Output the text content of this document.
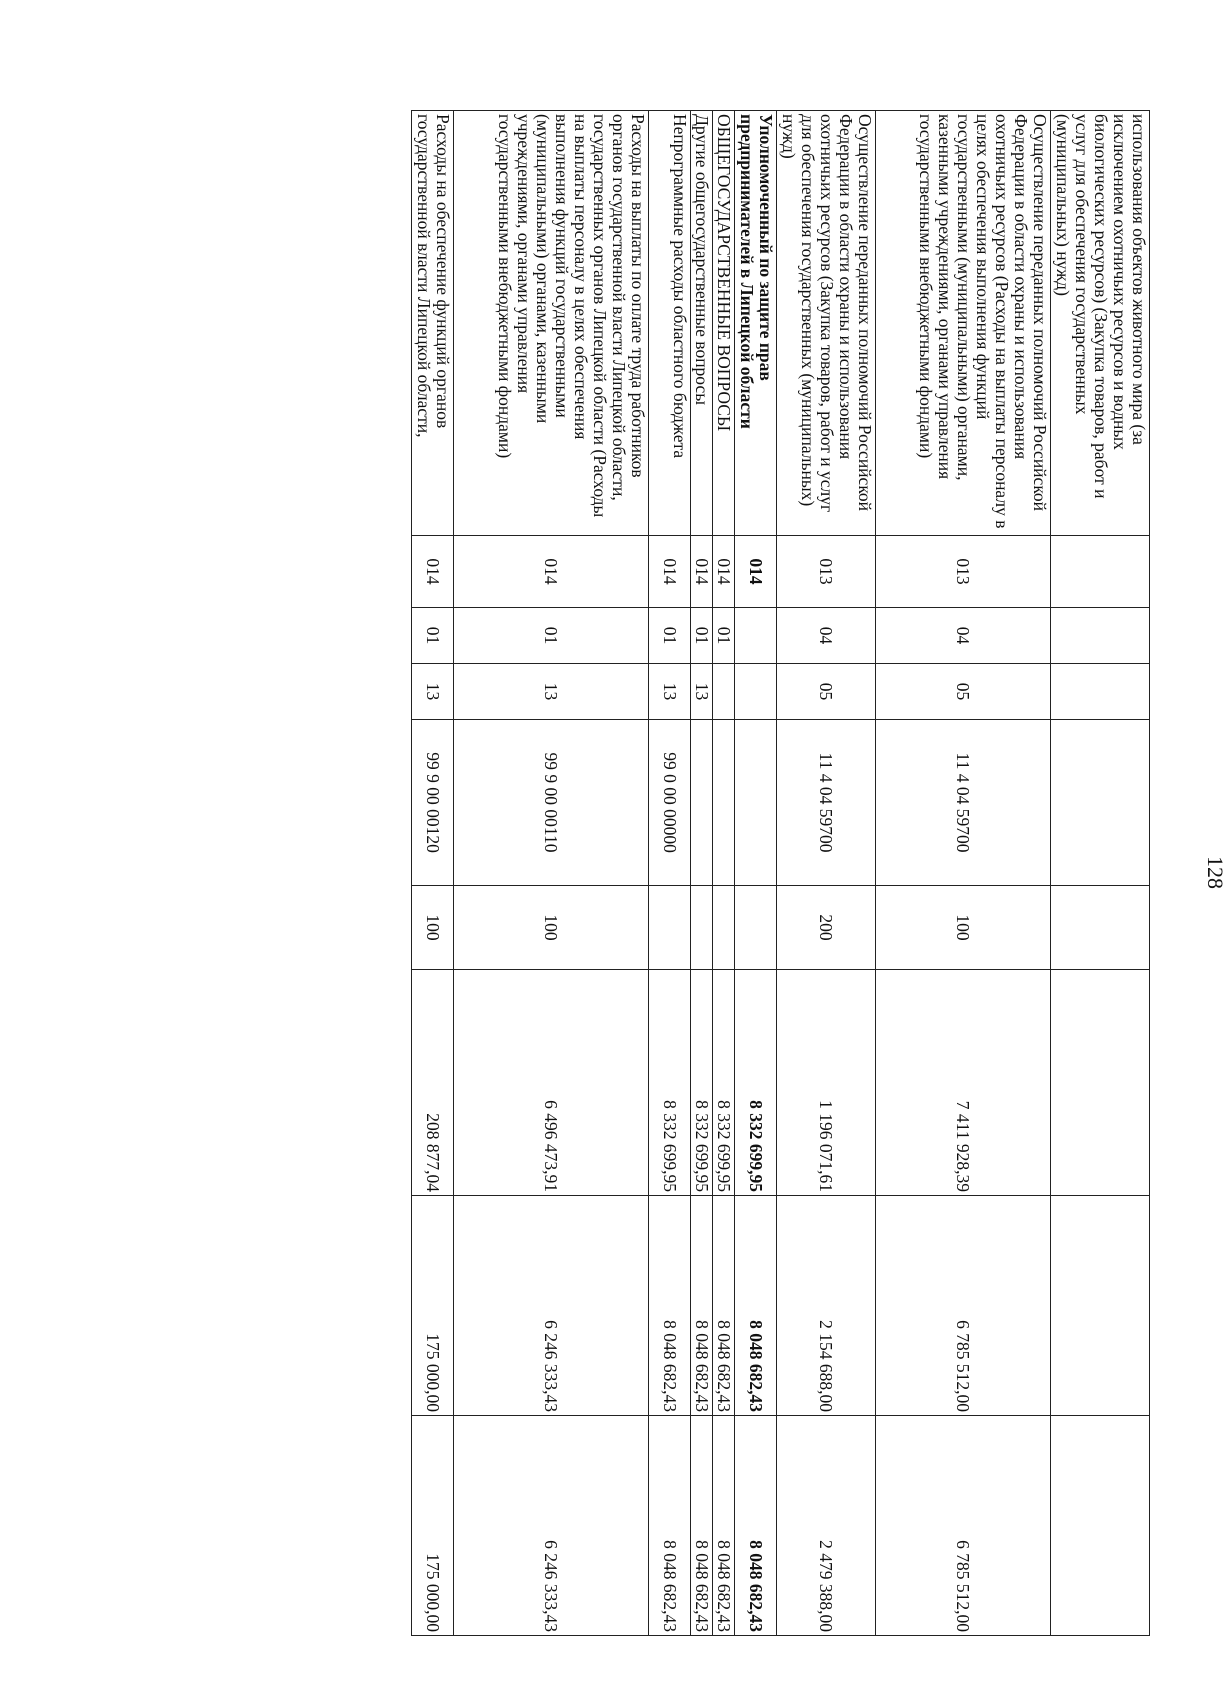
128
использования объектов животного мира (за исключением охотничьих ресурсов и водных биологических ресурсов) (Закупка товаров, работ и услуг для обеспечения государственных (муниципальных) нужд)								
Осуществление переданных полномочий Российской Федерации в области охраны и использования охотничьих ресурсов (Расходы на выплаты персоналу в целях обеспечения выполнения функций государственными (муниципальными) органами, казенными учреждениями, органами управления государственными внебюджетными фондами)	013	04	05	11 4 04 59700	100	7 411 928,39	6 785 512,00	6 785 512,00
Осуществление переданных полномочий Российской Федерации в области охраны и использования охотничьих ресурсов (Закупка товаров, работ и услуг для обеспечения государственных (муниципальных) нужд)	013	04	05	11 4 04 59700	200	1 196 071,61	2 154 688,00	2 479 388,00
Уполномоченный по защите прав предпринимателей в Липецкой области	014					8 332 699,95	8 048 682,43	8 048 682,43
ОБЩЕГОСУДАРСТВЕННЫЕ ВОПРОСЫ	014	01				8 332 699,95	8 048 682,43	8 048 682,43
Другие общегосударственные вопросы	014	01	13			8 332 699,95	8 048 682,43	8 048 682,43
Непрограммные расходы областного бюджета	014	01	13	99 0 00 00000		8 332 699,95	8 048 682,43	8 048 682,43
Расходы на выплаты по оплате труда работников органов государственной власти Липецкой области, государственных органов Липецкой области (Расходы на выплаты персоналу в целях обеспечения выполнения функций государственными (муниципальными) органами, казенными учреждениями, органами управления государственными внебюджетными фондами)	014	01	13	99 9 00 00110	100	6 496 473,91	6 246 333,43	6 246 333,43
Расходы на обеспечение функций органов государственной власти Липецкой области,	014	01	13	99 9 00 00120	100	208 877,04	175 000,00	175 000,00
